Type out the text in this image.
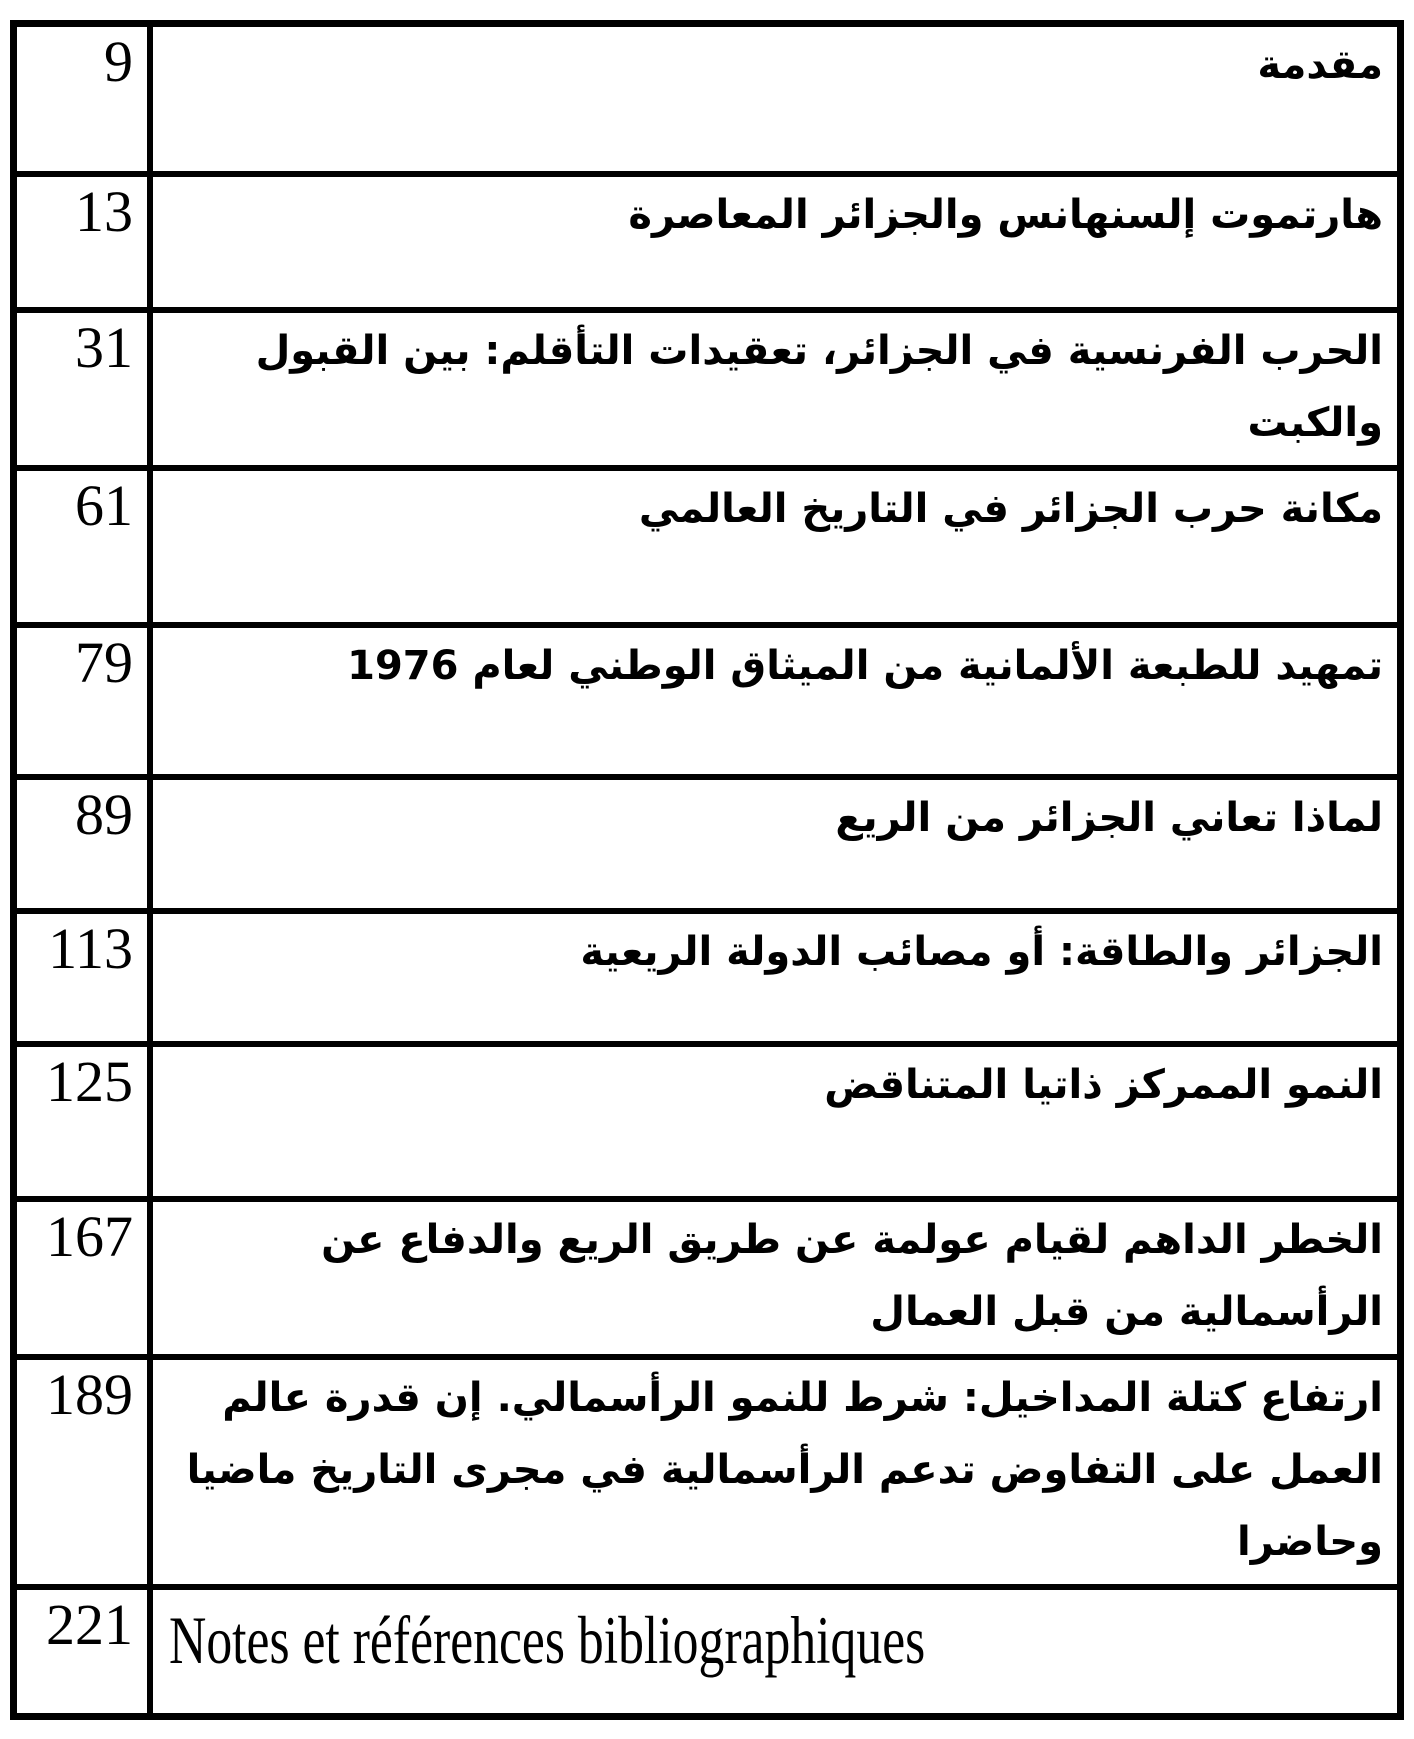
9	مقدمة
13	هارتموت إلسنهانس والجزائر المعاصرة
31	الحرب الفرنسية في الجزائر، تعقيدات التأقلم: بين القبول والكبت
61	مكانة حرب الجزائر في التاريخ العالمي
79	تمهيد للطبعة الألمانية من الميثاق الوطني لعام 1976
89	لماذا تعاني الجزائر من الريع
113	الجزائر والطاقة: أو مصائب الدولة الريعية
125	النمو الممركز ذاتيا المتناقض
167	الخطر الداهم لقيام عولمة عن طريق الريع والدفاع عن الرأسمالية من قبل العمال
189	ارتفاع كتلة المداخيل: شرط للنمو الرأسمالي. إن قدرة عالم العمل على التفاوض تدعم الرأسمالية في مجرى التاريخ ماضيا وحاضرا
221	Notes et références bibliographiques
